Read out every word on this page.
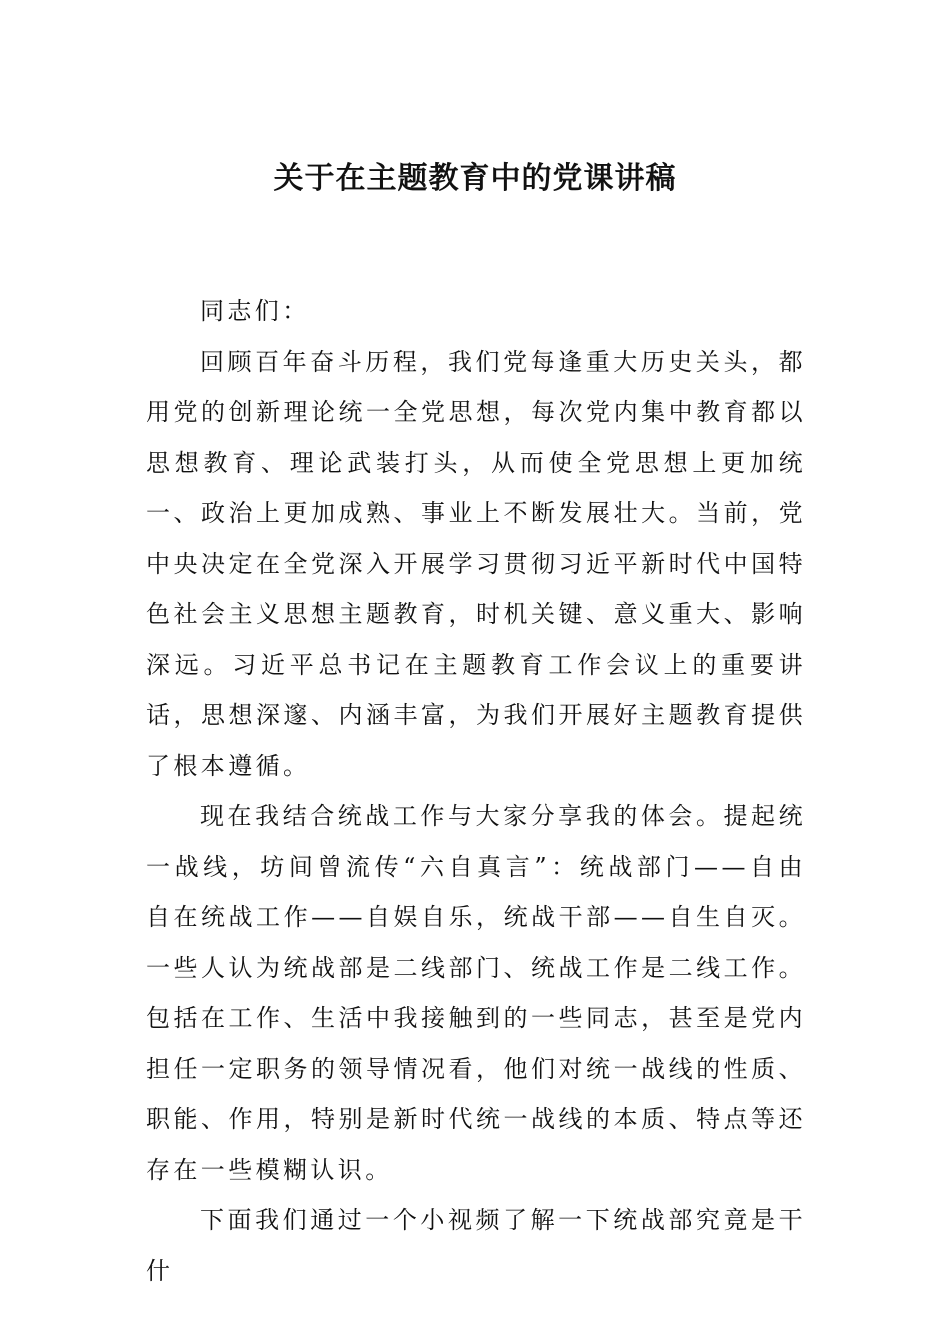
关于在主题教育中的党课讲稿

同志们：

回顾百年奋斗历程，我们党每逢重大历史关头，都用党的创新理论统一全党思想，每次党内集中教育都以思想教育、理论武装打头，从而使全党思想上更加统一、政治上更加成熟、事业上不断发展壮大。当前，党中央决定在全党深入开展学习贯彻习近平新时代中国特色社会主义思想主题教育，时机关键、意义重大、影响深远。习近平总书记在主题教育工作会议上的重要讲话，思想深邃、内涵丰富，为我们开展好主题教育提供了根本遵循。

现在我结合统战工作与大家分享我的体会。提起统一战线，坊间曾流传“六自真言”：统战部门——自由自在统战工作——自娱自乐，统战干部——自生自灭。一些人认为统战部是二线部门、统战工作是二线工作。包括在工作、生活中我接触到的一些同志，甚至是党内担任一定职务的领导情况看，他们对统一战线的性质、职能、作用，特别是新时代统一战线的本质、特点等还存在一些模糊认识。

下面我们通过一个小视频了解一下统战部究竟是干什
